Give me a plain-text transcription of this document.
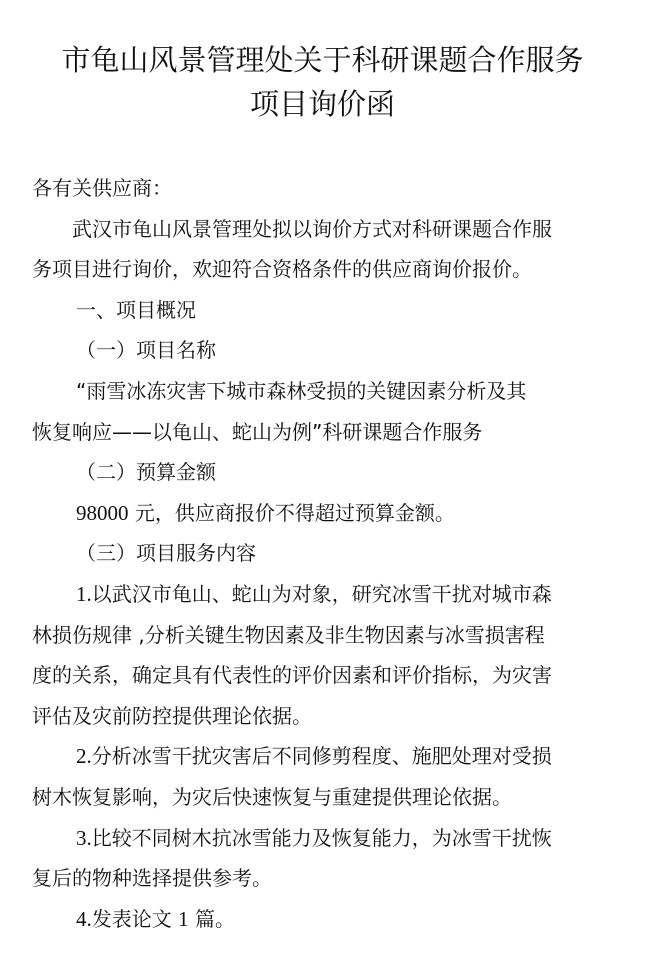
市龟山风景管理处关于科研课题合作服务
项目询价函
各有关供应商：
武汉市龟山风景管理处拟以询价方式对科研课题合作服
务项目进行询价，欢迎符合资格条件的供应商询价报价。
一、项目概况
（一）项目名称
“雨雪冰冻灾害下城市森林受损的关键因素分析及其
恢复响应——以龟山、蛇山为例”科研课题合作服务
（二）预算金额
98000 元，供应商报价不得超过预算金额。
（三）项目服务内容
1.以武汉市龟山、蛇山为对象，研究冰雪干扰对城市森
林损伤规律 ,分析关键生物因素及非生物因素与冰雪损害程
度的关系，确定具有代表性的评价因素和评价指标，为灾害
评估及灾前防控提供理论依据。
2.分析冰雪干扰灾害后不同修剪程度、施肥处理对受损
树木恢复影响，为灾后快速恢复与重建提供理论依据。
3.比较不同树木抗冰雪能力及恢复能力，为冰雪干扰恢
复后的物种选择提供参考。
4.发表论文 1 篇。
